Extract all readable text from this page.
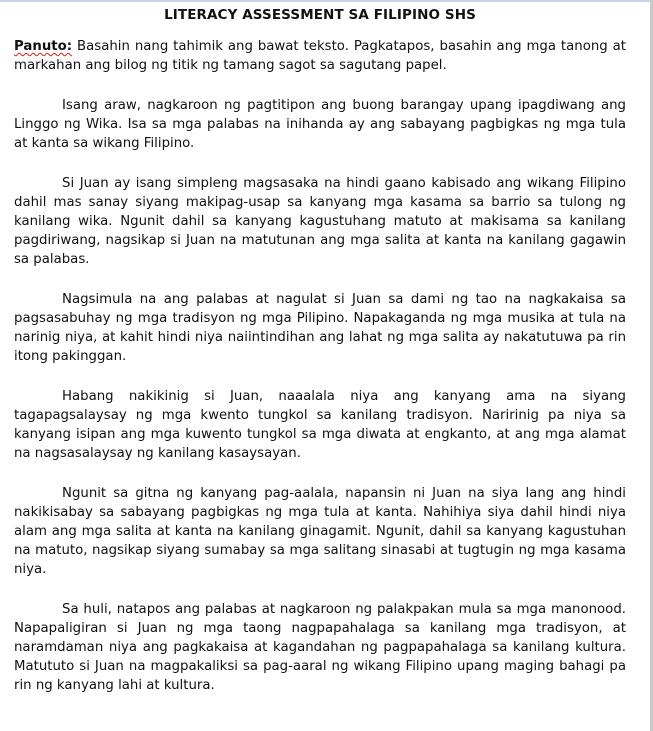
LITERACY ASSESSMENT SA FILIPINO SHS

Panuto: Basahin nang tahimik ang bawat teksto. Pagkatapos, basahin ang mga tanong at markahan ang bilog ng titik ng tamang sagot sa sagutang papel.

Isang araw, nagkaroon ng pagtitipon ang buong barangay upang ipagdiwang ang Linggo ng Wika. Isa sa mga palabas na inihanda ay ang sabayang pagbigkas ng mga tula at kanta sa wikang Filipino.

Si Juan ay isang simpleng magsasaka na hindi gaano kabisado ang wikang Filipino dahil mas sanay siyang makipag-usap sa kanyang mga kasama sa barrio sa tulong ng kanilang wika. Ngunit dahil sa kanyang kagustuhang matuto at makisama sa kanilang pagdiriwang, nagsikap si Juan na matutunan ang mga salita at kanta na kanilang gagawin sa palabas.

Nagsimula na ang palabas at nagulat si Juan sa dami ng tao na nagkakaisa sa pagsasabuhay ng mga tradisyon ng mga Pilipino. Napakaganda ng mga musika at tula na narinig niya, at kahit hindi niya naiintindihan ang lahat ng mga salita ay nakatutuwa pa rin itong pakinggan.

Habang nakikinig si Juan, naaalala niya ang kanyang ama na siyang tagapagsalaysay ng mga kwento tungkol sa kanilang tradisyon. Naririnig pa niya sa kanyang isipan ang mga kuwento tungkol sa mga diwata at engkanto, at ang mga alamat na nagsasalaysay ng kanilang kasaysayan.

Ngunit sa gitna ng kanyang pag-aalala, napansin ni Juan na siya lang ang hindi nakikisabay sa sabayang pagbigkas ng mga tula at kanta. Nahihiya siya dahil hindi niya alam ang mga salita at kanta na kanilang ginagamit. Ngunit, dahil sa kanyang kagustuhan na matuto, nagsikap siyang sumabay sa mga salitang sinasabi at tugtugin ng mga kasama niya.

Sa huli, natapos ang palabas at nagkaroon ng palakpakan mula sa mga manonood. Napapaligiran si Juan ng mga taong nagpapahalaga sa kanilang mga tradisyon, at naramdaman niya ang pagkakaisa at kagandahan ng pagpapahalaga sa kanilang kultura. Matututo si Juan na magpakaliksi sa pag-aaral ng wikang Filipino upang maging bahagi pa rin ng kanyang lahi at kultura.
